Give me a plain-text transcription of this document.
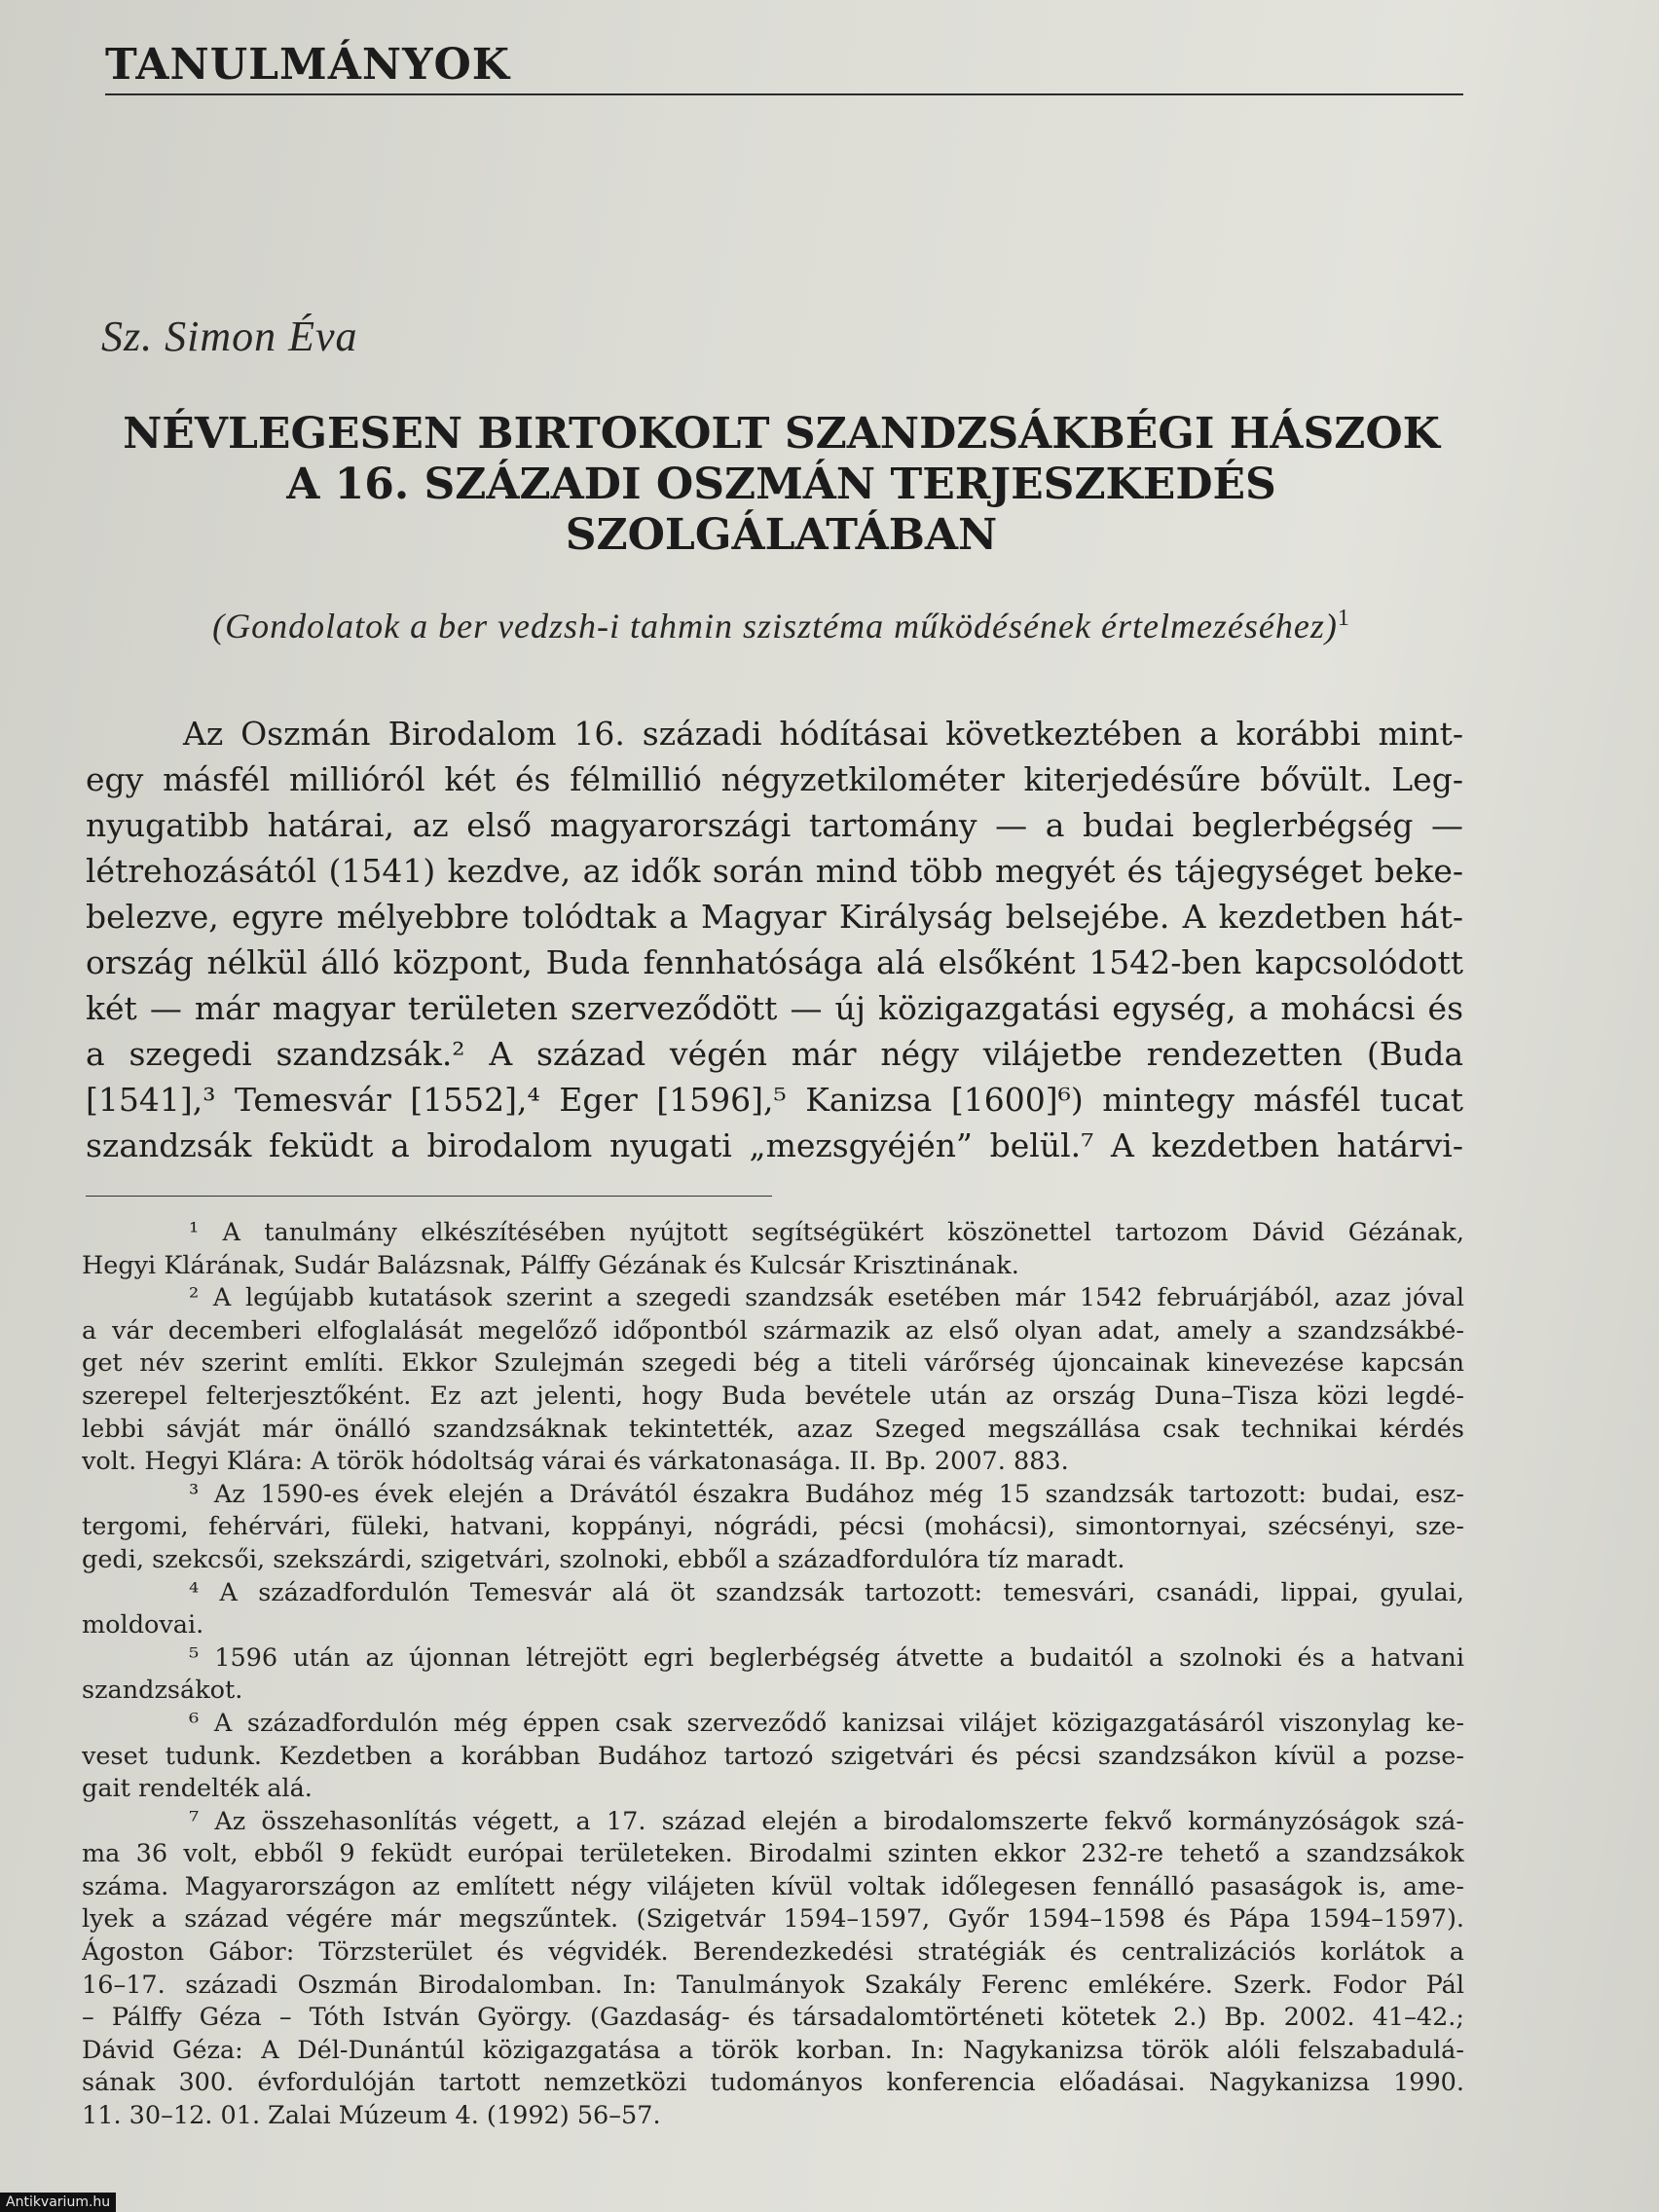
TANULMÁNYOK
Sz. Simon Éva
NÉVLEGESEN BIRTOKOLT SZANDZSÁKBÉGI HÁSZOK
A 16. SZÁZADI OSZMÁN TERJESZKEDÉS
SZOLGÁLATÁBAN
(Gondolatok a ber vedzsh-i tahmin szisztéma működésének értelmezéséhez)$^1$
Az Oszmán Birodalom 16. századi hódításai következtében a korábbi mint-
egy másfél millióról két és félmillió négyzetkilométer kiterjedésűre bővült. Leg-
nyugatibb határai, az első magyarországi tartomány — a budai beglerbégség —
létrehozásától (1541) kezdve, az idők során mind több megyét és tájegységet beke-
belezve, egyre mélyebbre tolódtak a Magyar Királyság belsejébe. A kezdetben hát-
ország nélkül álló központ, Buda fennhatósága alá elsőként 1542-ben kapcsolódott
két — már magyar területen szerveződött — új közigazgatási egység, a mohácsi és
a szegedi szandzsák.² A század végén már négy vilájetbe rendezetten (Buda
[1541],³ Temesvár [1552],⁴ Eger [1596],⁵ Kanizsa [1600]⁶) mintegy másfél tucat
szandzsák feküdt a birodalom nyugati „mezsgyéjén” belül.⁷ A kezdetben határvi-
¹ A tanulmány elkészítésében nyújtott segítségükért köszönettel tartozom Dávid Gézának,
Hegyi Klárának, Sudár Balázsnak, Pálffy Gézának és Kulcsár Krisztinának.
² A legújabb kutatások szerint a szegedi szandzsák esetében már 1542 februárjából, azaz jóval
a vár decemberi elfoglalását megelőző időpontból származik az első olyan adat, amely a szandzsákbé-
get név szerint említi. Ekkor Szulejmán szegedi bég a titeli várőrség újoncainak kinevezése kapcsán
szerepel felterjesztőként. Ez azt jelenti, hogy Buda bevétele után az ország Duna–Tisza közi legdé-
lebbi sávját már önálló szandzsáknak tekintették, azaz Szeged megszállása csak technikai kérdés
volt. Hegyi Klára: A török hódoltság várai és várkatonasága. II. Bp. 2007. 883.
³ Az 1590-es évek elején a Drávától északra Budához még 15 szandzsák tartozott: budai, esz-
tergomi, fehérvári, füleki, hatvani, koppányi, nógrádi, pécsi (mohácsi), simontornyai, szécsényi, sze-
gedi, szekcsői, szekszárdi, szigetvári, szolnoki, ebből a századfordulóra tíz maradt.
⁴ A századfordulón Temesvár alá öt szandzsák tartozott: temesvári, csanádi, lippai, gyulai,
moldovai.
⁵ 1596 után az újonnan létrejött egri beglerbégség átvette a budaitól a szolnoki és a hatvani
szandzsákot.
⁶ A századfordulón még éppen csak szerveződő kanizsai vilájet közigazgatásáról viszonylag ke-
veset tudunk. Kezdetben a korábban Budához tartozó szigetvári és pécsi szandzsákon kívül a pozse-
gait rendelték alá.
⁷ Az összehasonlítás végett, a 17. század elején a birodalomszerte fekvő kormányzóságok szá-
ma 36 volt, ebből 9 feküdt európai területeken. Birodalmi szinten ekkor 232-re tehető a szandzsákok
száma. Magyarországon az említett négy vilájeten kívül voltak időlegesen fennálló pasaságok is, ame-
lyek a század végére már megszűntek. (Szigetvár 1594–1597, Győr 1594–1598 és Pápa 1594–1597).
Ágoston Gábor: Törzsterület és végvidék. Berendezkedési stratégiák és centralizációs korlátok a
16–17. századi Oszmán Birodalomban. In: Tanulmányok Szakály Ferenc emlékére. Szerk. Fodor Pál
– Pálffy Géza – Tóth István György. (Gazdaság- és társadalomtörténeti kötetek 2.) Bp. 2002. 41–42.;
Dávid Géza: A Dél-Dunántúl közigazgatása a török korban. In: Nagykanizsa török alóli felszabadulá-
sának 300. évfordulóján tartott nemzetközi tudományos konferencia előadásai. Nagykanizsa 1990.
11. 30–12. 01. Zalai Múzeum 4. (1992) 56–57.
Antikvarium.hu
